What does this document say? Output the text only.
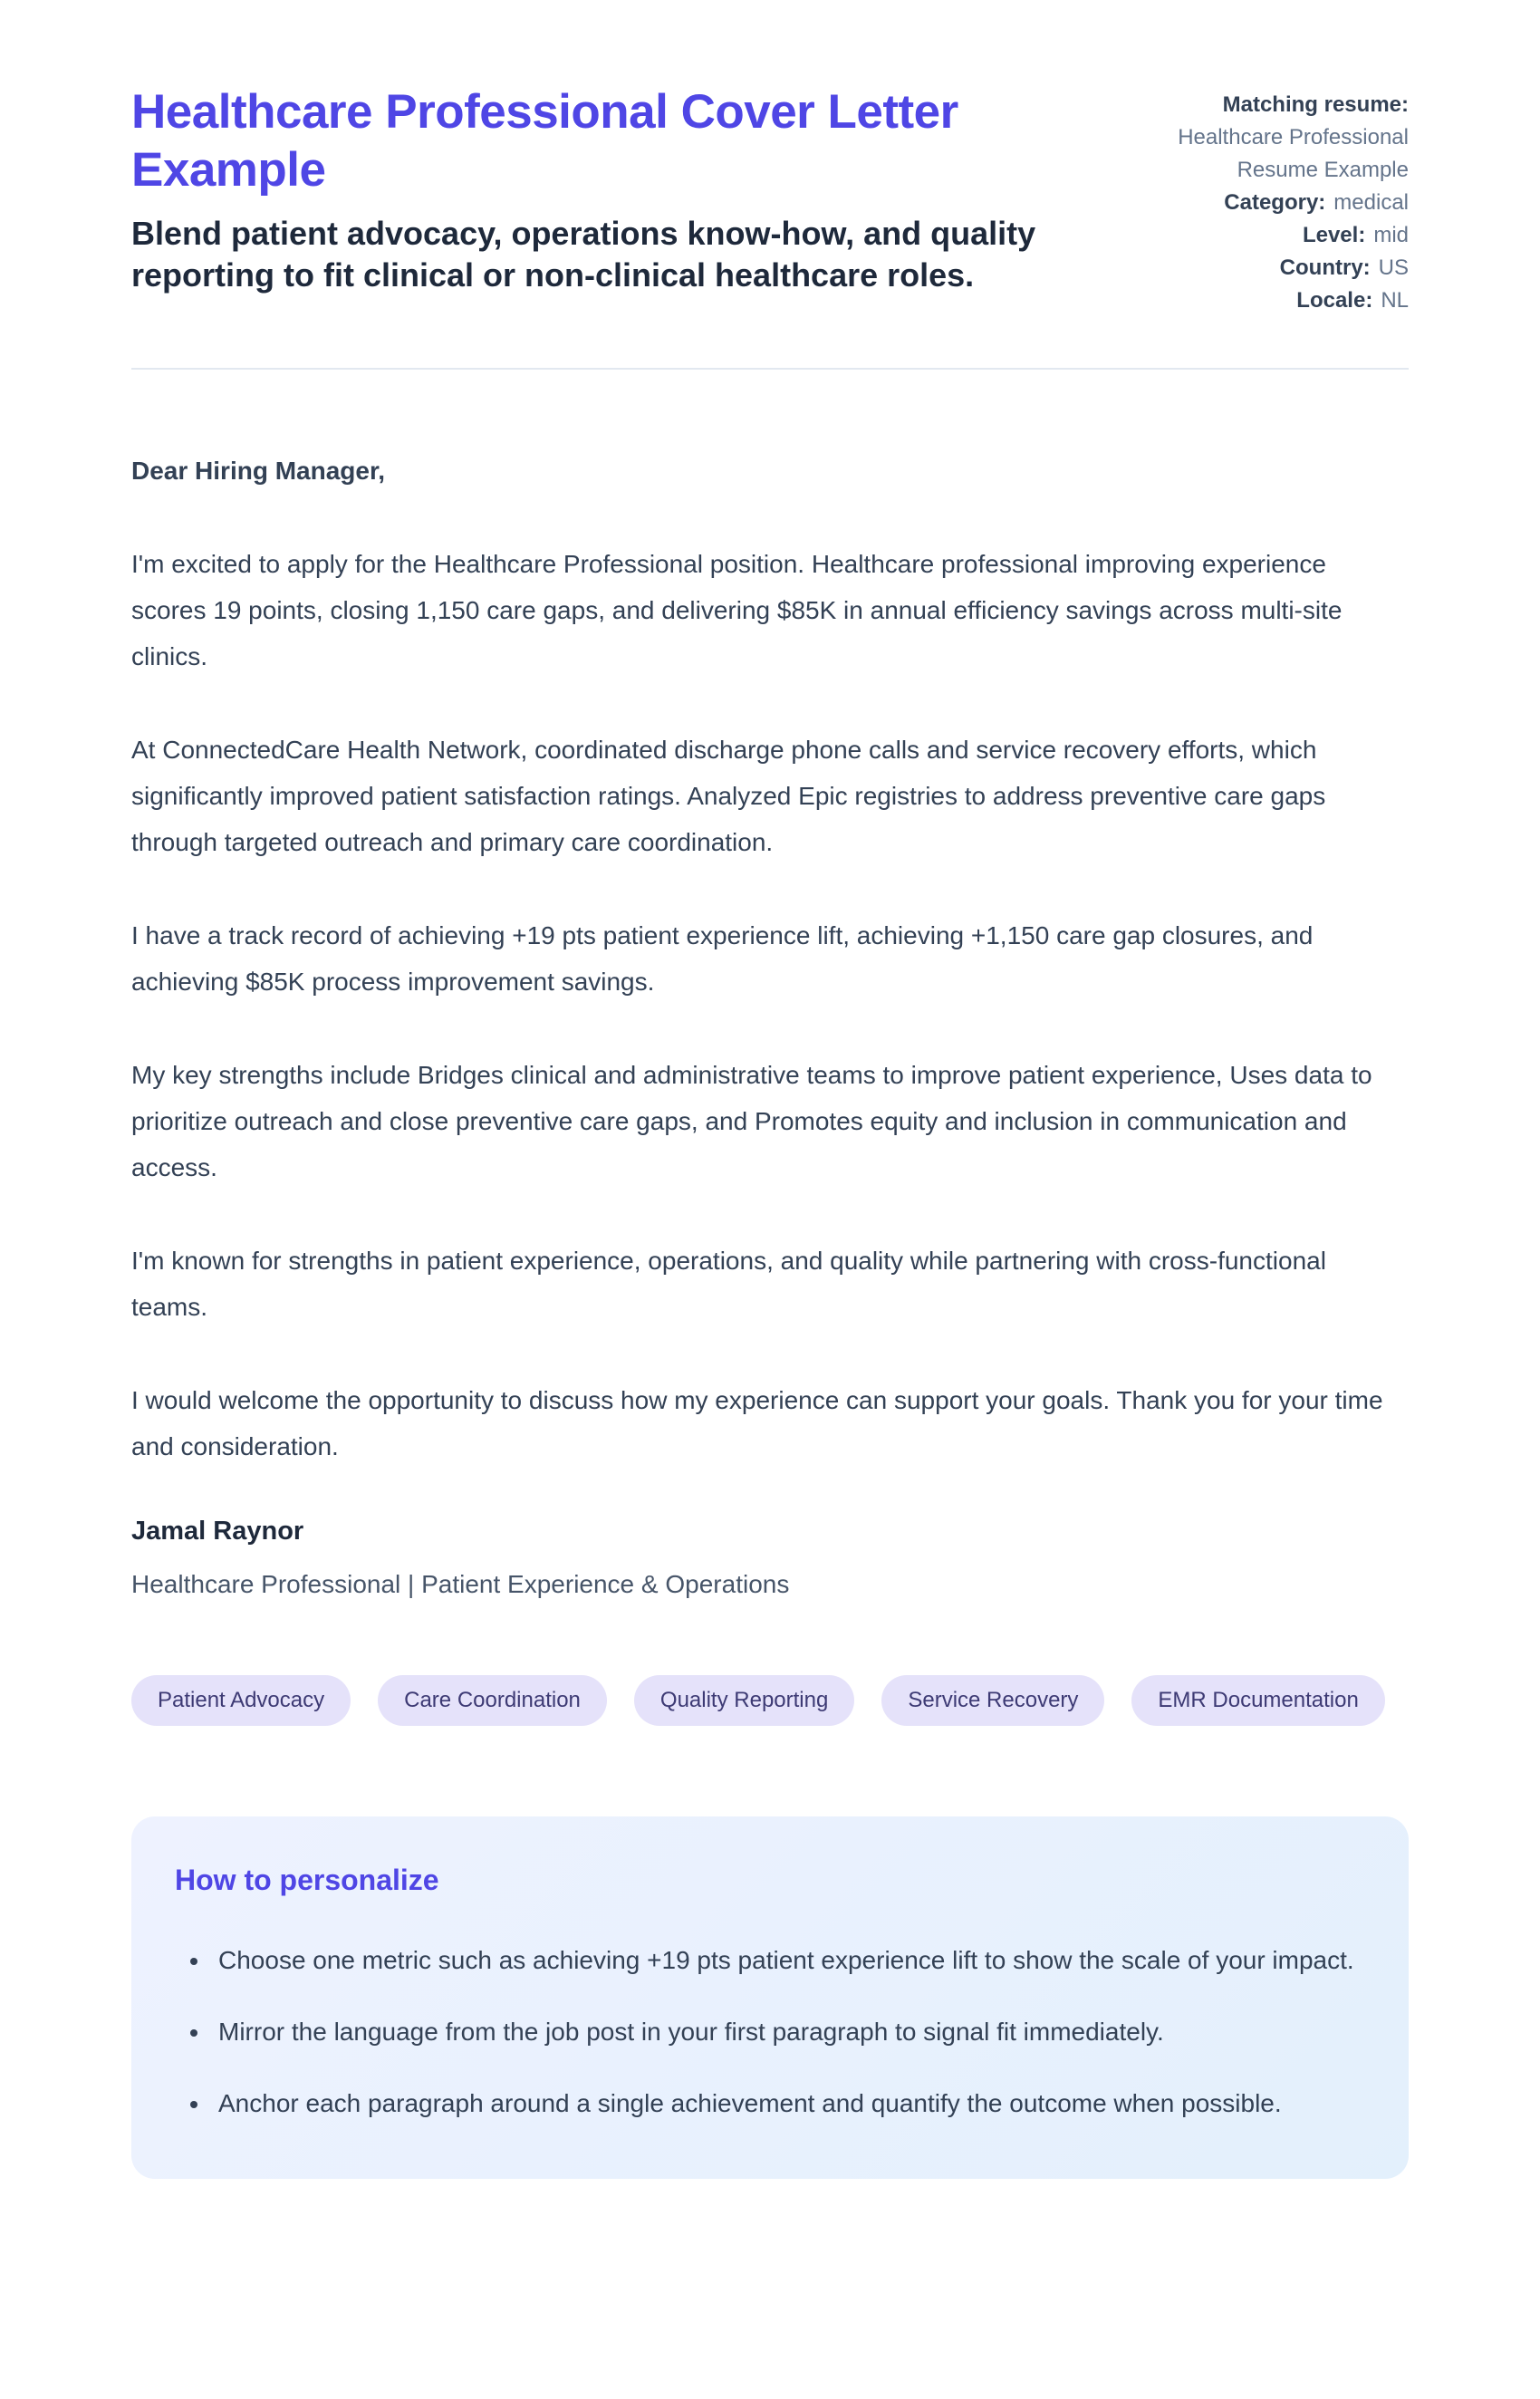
Healthcare Professional Cover Letter Example

Blend patient advocacy, operations know-how, and quality reporting to fit clinical or non-clinical healthcare roles.

Matching resume:
Healthcare Professional Resume Example
Category: medical
Level: mid
Country: US
Locale: NL

Dear Hiring Manager,

I'm excited to apply for the Healthcare Professional position. Healthcare professional improving experience scores 19 points, closing 1,150 care gaps, and delivering $85K in annual efficiency savings across multi-site clinics.

At ConnectedCare Health Network, coordinated discharge phone calls and service recovery efforts, which significantly improved patient satisfaction ratings. Analyzed Epic registries to address preventive care gaps through targeted outreach and primary care coordination.

I have a track record of achieving +19 pts patient experience lift, achieving +1,150 care gap closures, and achieving $85K process improvement savings.

My key strengths include Bridges clinical and administrative teams to improve patient experience, Uses data to prioritize outreach and close preventive care gaps, and Promotes equity and inclusion in communication and access.

I'm known for strengths in patient experience, operations, and quality while partnering with cross-functional teams.

I would welcome the opportunity to discuss how my experience can support your goals. Thank you for your time and consideration.

Jamal Raynor
Healthcare Professional | Patient Experience & Operations
Patient Advocacy	Care Coordination	Quality Reporting	Service Recovery	EMR Documentation
How to personalize
• Choose one metric such as achieving +19 pts patient experience lift to show the scale of your impact.
• Mirror the language from the job post in your first paragraph to signal fit immediately.
• Anchor each paragraph around a single achievement and quantify the outcome when possible.
